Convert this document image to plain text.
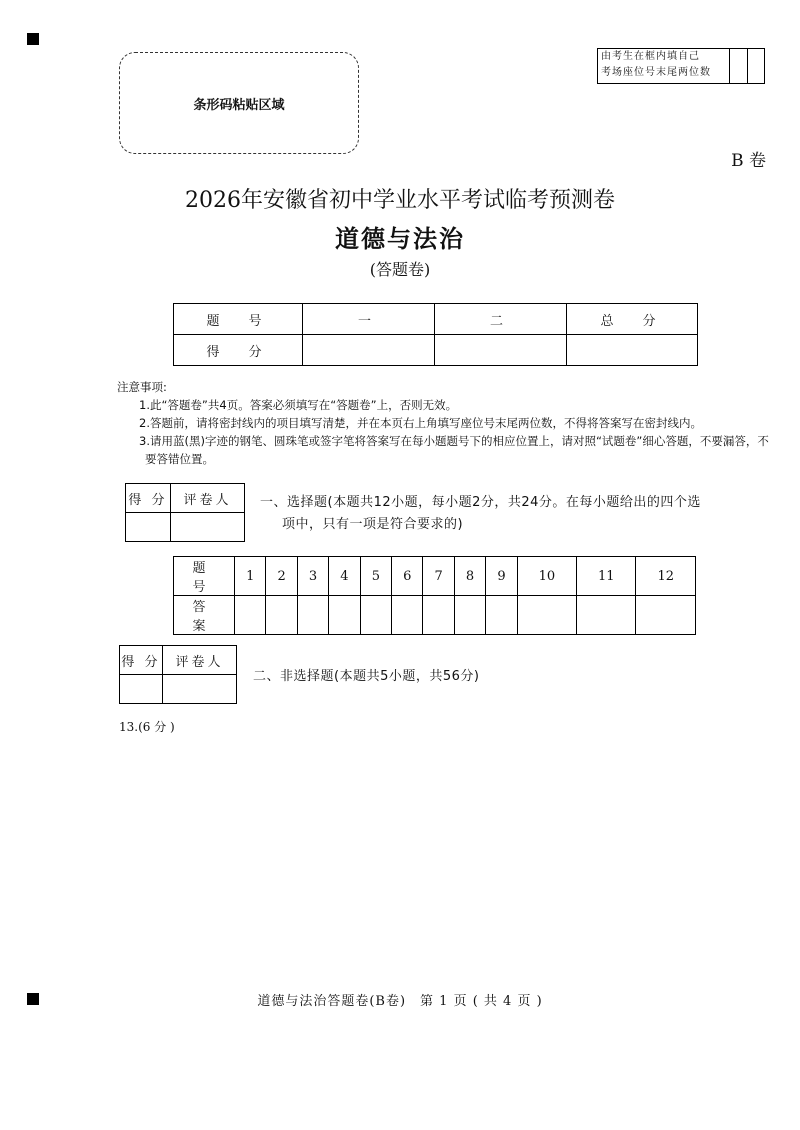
条形码粘贴区域
由考生在框内填自己
考场座位号末尾两位数
B 卷
2026年安徽省初中学业水平考试临考预测卷
道德与法治
(答题卷)
题　号	一	二	总　分
得　分			
注意事项:
1.此“答题卷”共4页。答案必须填写在“答题卷”上，否则无效。
2.答题前，请将密封线内的项目填写清楚，并在本页右上角填写座位号末尾两位数，不得将答案写在密封线内。
3.请用蓝(黑)字迹的钢笔、圆珠笔或签字笔将答案写在每小题题号下的相应位置上，请对照“试题卷”细心答题，不要漏答，不要答错位置。
得 分	评卷人
	一、选择题(本题共12小题，每小题2分，共24分。在每小题给出的四个选
项中，只有一项是符合要求的)
题 号	1	2	3	4	5	6	7	8	9	10	11	12
答 案												
得 分	评卷人

二、非选择题(本题共5小题，共56分)
13.(6 分 )
道德与法治答题卷(B卷)　第 1 页 ( 共 4 页 )
